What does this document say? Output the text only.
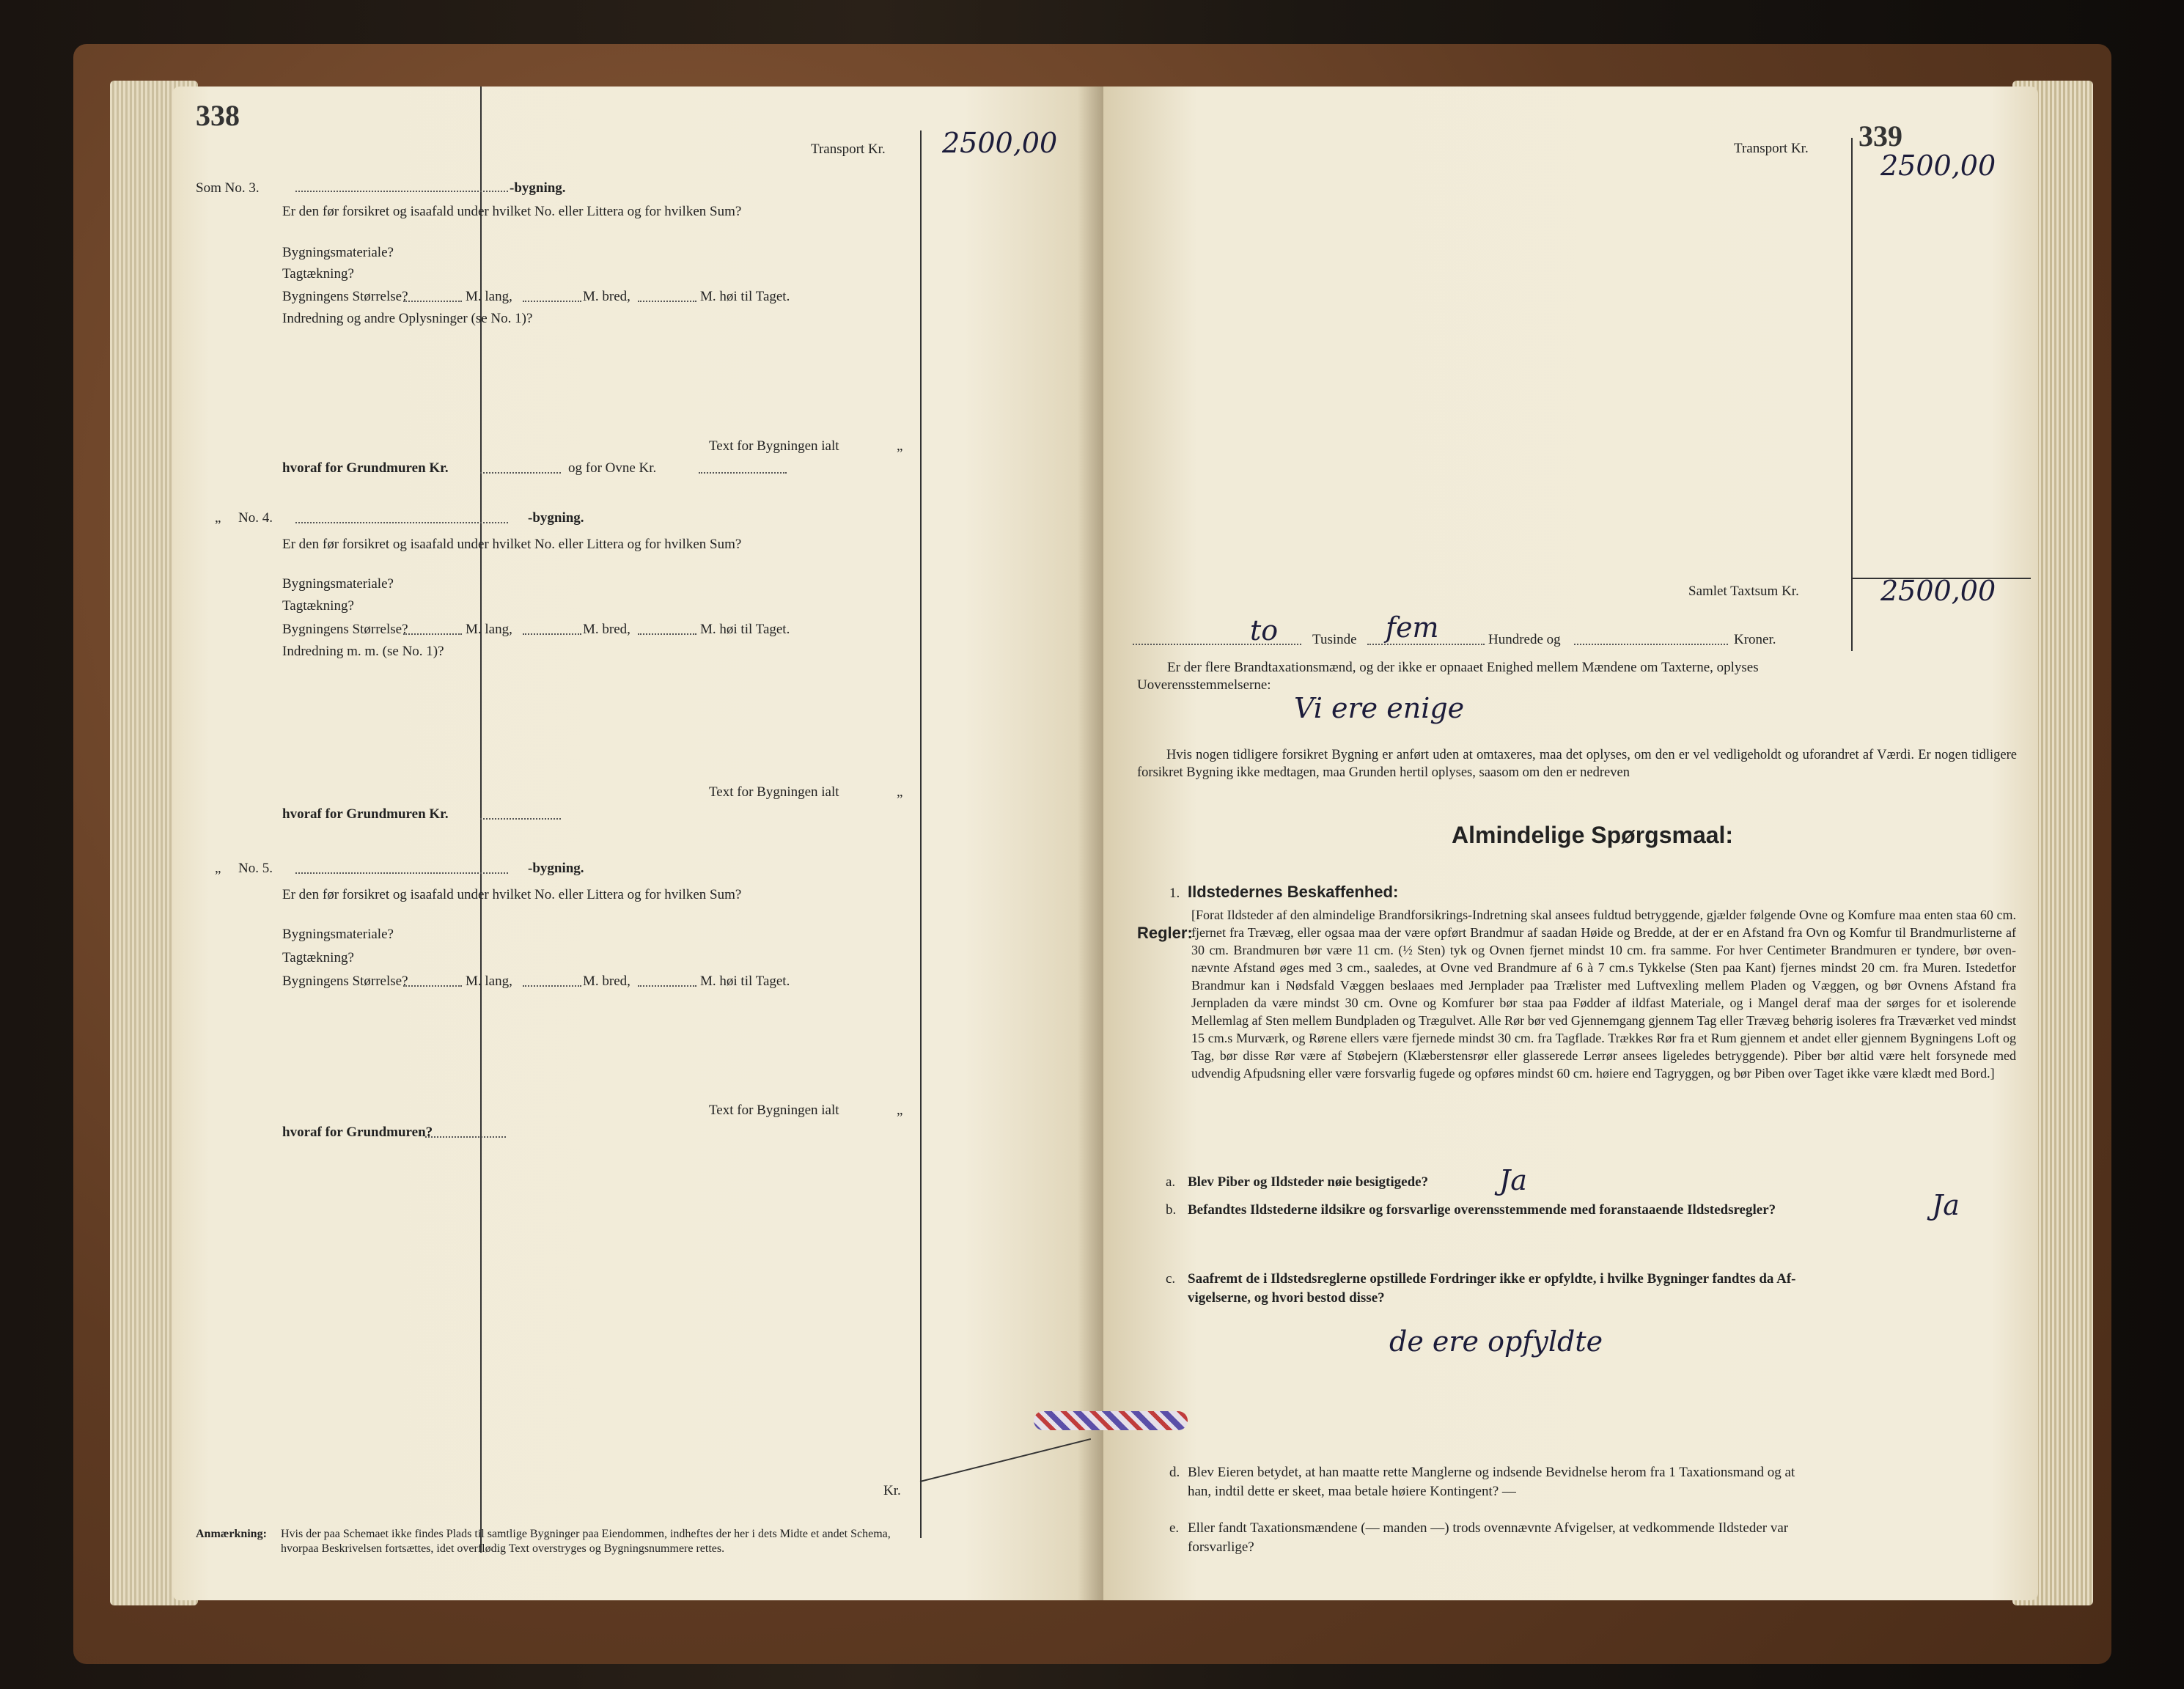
338
Transport Kr. 2500,00
Som No. 3.	-bygning.
Er den før forsikret og isaafald under hvilket No. eller Littera og for hvilken Sum?
Bygningsmateriale?
Tagtækning?
Bygningens Størrelse?	M. lang,	M. bred,	M. høi til Taget.
Indredning og andre Oplysninger (se No. 1)?
Text for Bygningen ialt	„
hvoraf for Grundmuren Kr.	og for Ovne Kr.
„ No. 4.	-bygning.
Er den før forsikret og isaafald under hvilket No. eller Littera og for hvilken Sum?
Bygningsmateriale?
Tagtækning?
Bygningens Størrelse?	M. lang,	M. bred,	M. høi til Taget.
Indredning m. m. (se No. 1)?
Text for Bygningen ialt	„
hvoraf for Grundmuren Kr.
„ No. 5.	-bygning.
Er den før forsikret og isaafald under hvilket No. eller Littera og for hvilken Sum?
Bygningsmateriale?
Tagtækning?
Bygningens Størrelse?	M. lang,	M. bred,	M. høi til Taget.
Text for Bygningen ialt	„
hvoraf for Grundmuren?
Kr.
Anmærkning: Hvis der paa Schemaet ikke findes Plads til samtlige Bygninger paa Eiendommen, indheftes der her i dets Midte et andet Schema,
hvorpaa Beskrivelsen fortsættes, idet overflødig Text overstryges og Bygningsnummere rettes.
339
Transport Kr.
2500,00
Samlet Taxtsum Kr.	2500,00
to Tusinde fem	Hundrede og	Kroner.
Er der flere Brandtaxationsmænd, og der ikke er opnaaet Enighed mellem Mændene om Taxterne, oplyses
Uoverensstemmelserne:
Vi ere enige
Hvis nogen tidligere forsikret Bygning er anført uden at omtaxeres, maa det oplyses, om den er vel vedligeholdt og uforandret af Værdi. Er nogen tidligere forsikret Bygning ikke medtagen, maa Grunden hertil oplyses, saasom om den er nedreven
Almindelige Spørgsmaal:
1. Ildstedernes Beskaffenhed:
Regler:
[Forat Ildsteder af den almindelige Brandforsikrings-Indretning skal ansees fuldtud betryggende, gjælder følgende Ovne og Komfure maa enten staa 60 cm. fjernet fra Trævæg, eller ogsaa maa der være opført Brandmur af saadan Høide og Bredde, at der er en Afstand fra Ovn og Komfur til Brandmurlisterne af 30 cm. Brandmuren bør være 11 cm. (½ Sten) tyk og Ovnen fjernet mindst 10 cm. fra samme. For hver Centimeter Brandmuren er tyndere, bør oven-nævnte Afstand øges med 3 cm., saaledes, at Ovne ved Brandmure af 6 à 7 cm.s Tykkelse (Sten paa Kant) fjernes mindst 20 cm. fra Muren. Istedetfor Brandmur kan i Nødsfald Væggen beslaaes med Jernplader paa Trælister med Luftvexling mellem Pladen og Væggen, og bør Ovnens Afstand fra Jernpladen da være mindst 30 cm. Ovne og Komfurer bør staa paa Fødder af ildfast Materiale, og i Mangel deraf maa der sørges for et isolerende Mellemlag af Sten mellem Bundpladen og Trægulvet. Alle Rør bør ved Gjennemgang gjennem Tag eller Trævæg behørig isoleres fra Træværket ved mindst 15 cm.s Murværk, og Rørene ellers være fjernede mindst 30 cm. fra Tagflade. Trækkes Rør fra et Rum gjennem et andet eller gjennem Bygningens Loft og Tag, bør disse Rør være af Støbejern (Klæberstensrør eller glasserede Lerrør ansees ligeledes betryggende). Piber bør altid være helt forsynede med udvendig Afpudsning eller være forsvarlig fugede og opføres mindst 60 cm. høiere end Tagryggen, og bør Piben over Taget ikke være klædt med Bord.]
a. Blev Piber og Ildsteder nøie besigtigede?	Ja
b. Befandtes Ildstederne ildsikre og forsvarlige overensstemmende med foranstaaende Ildstedsregler?	Ja
c. Saafremt de i Ildstedsreglerne opstillede Fordringer ikke er opfyldte, i hvilke Bygninger fandtes da Af-
vigelserne, og hvori bestod disse?
de ere opfyldte
d. Blev Eieren betydet, at han maatte rette Manglerne og indsende Bevidnelse herom fra 1 Taxationsmand og at
han, indtil dette er skeet, maa betale høiere Kontingent? —
e. Eller fandt Taxationsmændene (— manden —) trods ovennævnte Afvigelser, at vedkommende Ildsteder var
forsvarlige?
